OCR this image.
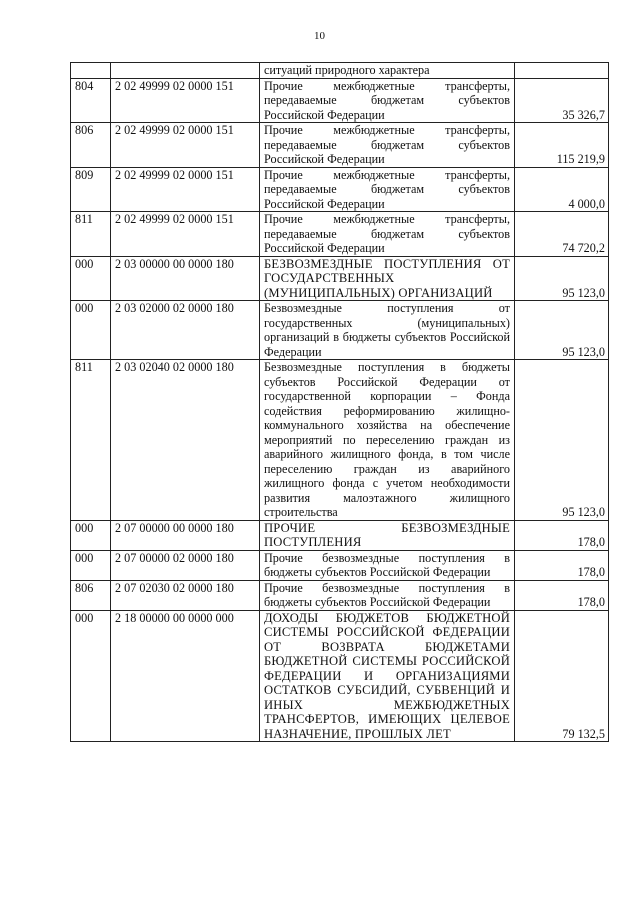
10
		ситуаций природного характера	
804	2 02 49999 02 0000 151	Прочие межбюджетные трансферты, передаваемые бюджетам субъектов Российской Федерации	35 326,7
806	2 02 49999 02 0000 151	Прочие межбюджетные трансферты, передаваемые бюджетам субъектов Российской Федерации	115 219,9
809	2 02 49999 02 0000 151	Прочие межбюджетные трансферты, передаваемые бюджетам субъектов Российской Федерации	4 000,0
811	2 02 49999 02 0000 151	Прочие межбюджетные трансферты, передаваемые бюджетам субъектов Российской Федерации	74 720,2
000	2 03 00000 00 0000 180	БЕЗВОЗМЕЗДНЫЕ ПОСТУПЛЕНИЯ ОТ ГОСУДАРСТВЕННЫХ (МУНИЦИПАЛЬНЫХ) ОРГАНИЗАЦИЙ	95 123,0
000	2 03 02000 02 0000 180	Безвозмездные поступления от государственных (муниципальных) организаций в бюджеты субъектов Российской Федерации	95 123,0
811	2 03 02040 02 0000 180	Безвозмездные поступления в бюджеты субъектов Российской Федерации от государственной корпорации – Фонда содействия реформированию жилищно-коммунального хозяйства на обеспечение мероприятий по переселению граждан из аварийного жилищного фонда, в том числе переселению граждан из аварийного жилищного фонда с учетом необходимости развития малоэтажного жилищного строительства	95 123,0
000	2 07 00000 00 0000 180	ПРОЧИЕ БЕЗВОЗМЕЗДНЫЕ ПОСТУПЛЕНИЯ	178,0
000	2 07 00000 02 0000 180	Прочие безвозмездные поступления в бюджеты субъектов Российской Федерации	178,0
806	2 07 02030 02 0000 180	Прочие безвозмездные поступления в бюджеты субъектов Российской Федерации	178,0
000	2 18 00000 00 0000 000	ДОХОДЫ БЮДЖЕТОВ БЮДЖЕТНОЙ СИСТЕМЫ РОССИЙСКОЙ ФЕДЕРАЦИИ ОТ ВОЗВРАТА БЮДЖЕТАМИ БЮДЖЕТНОЙ СИСТЕМЫ РОССИЙСКОЙ ФЕДЕРАЦИИ И ОРГАНИЗАЦИЯМИ ОСТАТКОВ СУБСИДИЙ, СУБВЕНЦИЙ И ИНЫХ МЕЖБЮДЖЕТНЫХ ТРАНСФЕРТОВ, ИМЕЮЩИХ ЦЕЛЕВОЕ НАЗНАЧЕНИЕ, ПРОШЛЫХ ЛЕТ	79 132,5
